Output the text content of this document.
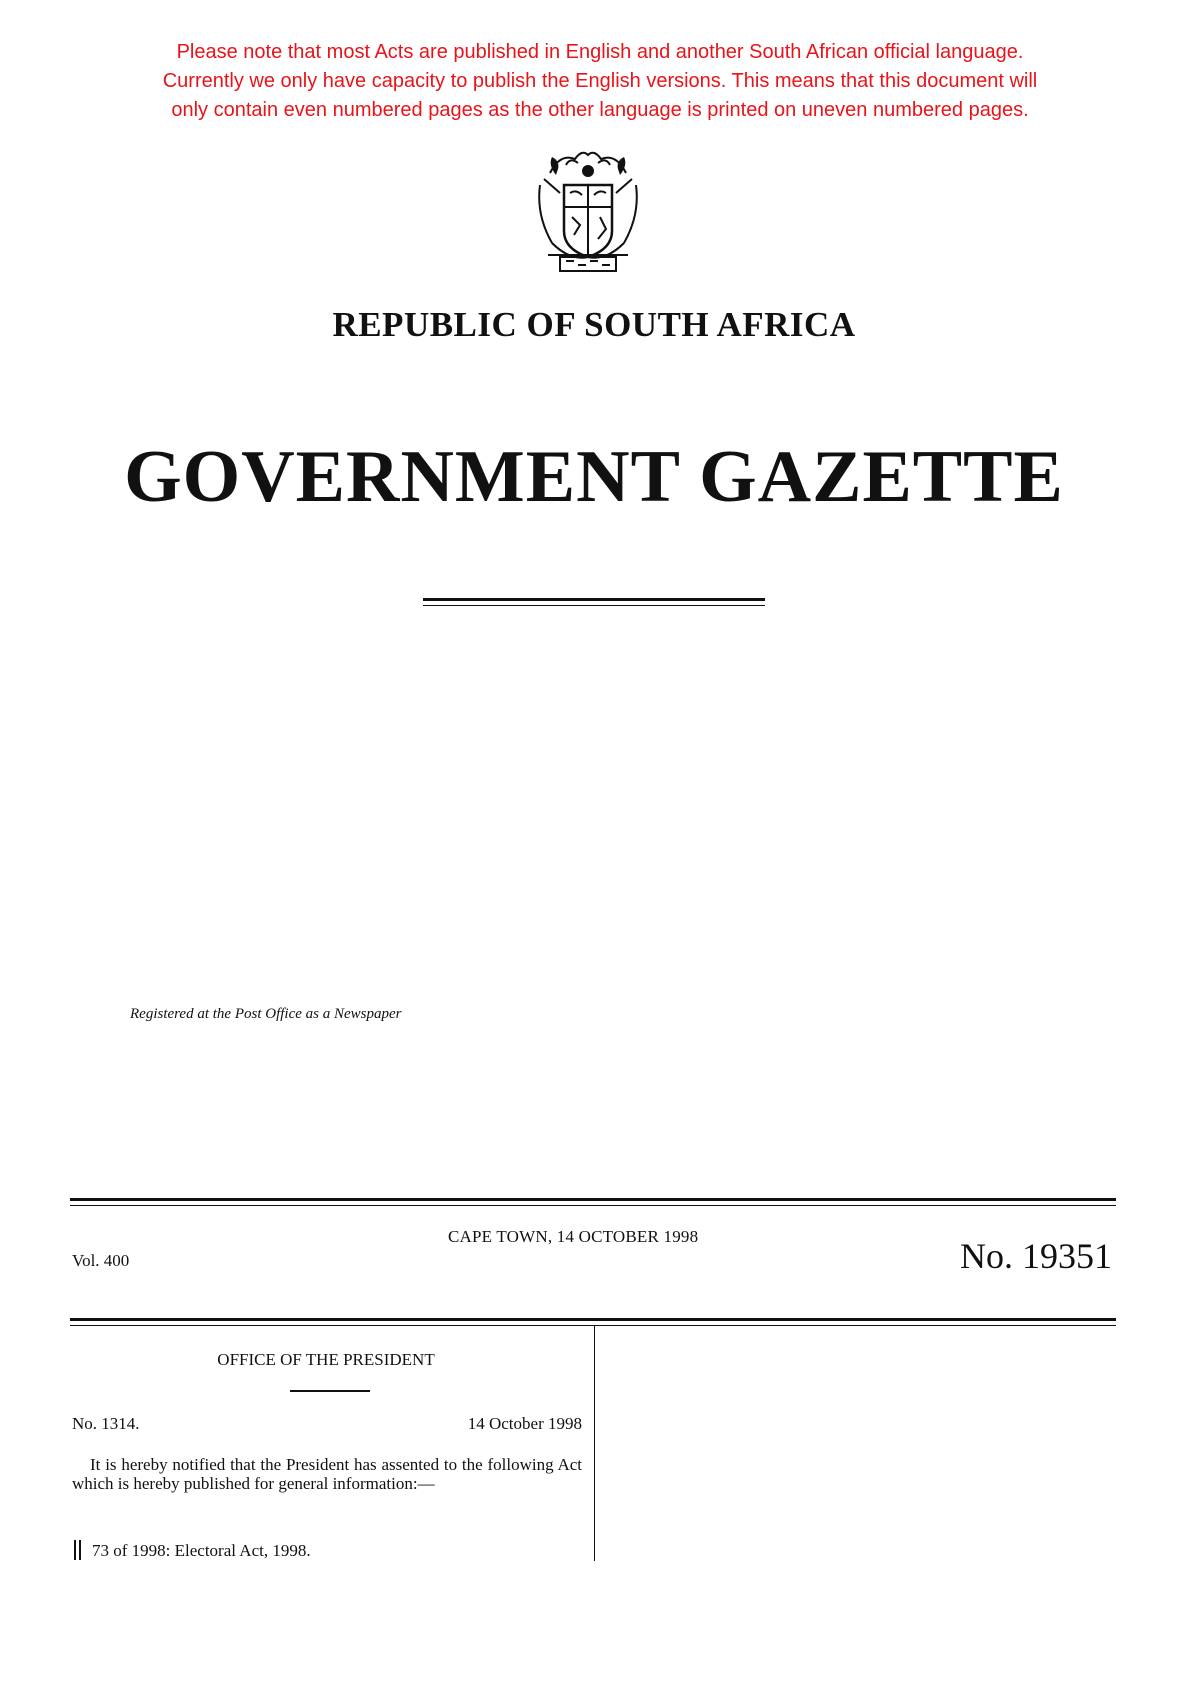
Please note that most Acts are published in English and another South African official language.
Currently we only have capacity to publish the English versions. This means that this document will
only contain even numbered pages as the other language is printed on uneven numbered pages.
REPUBLIC OF SOUTH AFRICA
GOVERNMENT GAZETTE
Registered at the Post Office as a Newspaper
Vol. 400
CAPE TOWN, 14 OCTOBER 1998	No. 19351
OFFICE OF THE PRESIDENT
No. 1314.	14 October 1998
It is hereby notified that the President has assented to the following Act which is hereby published for general information:—
73 of 1998: Electoral Act, 1998.
